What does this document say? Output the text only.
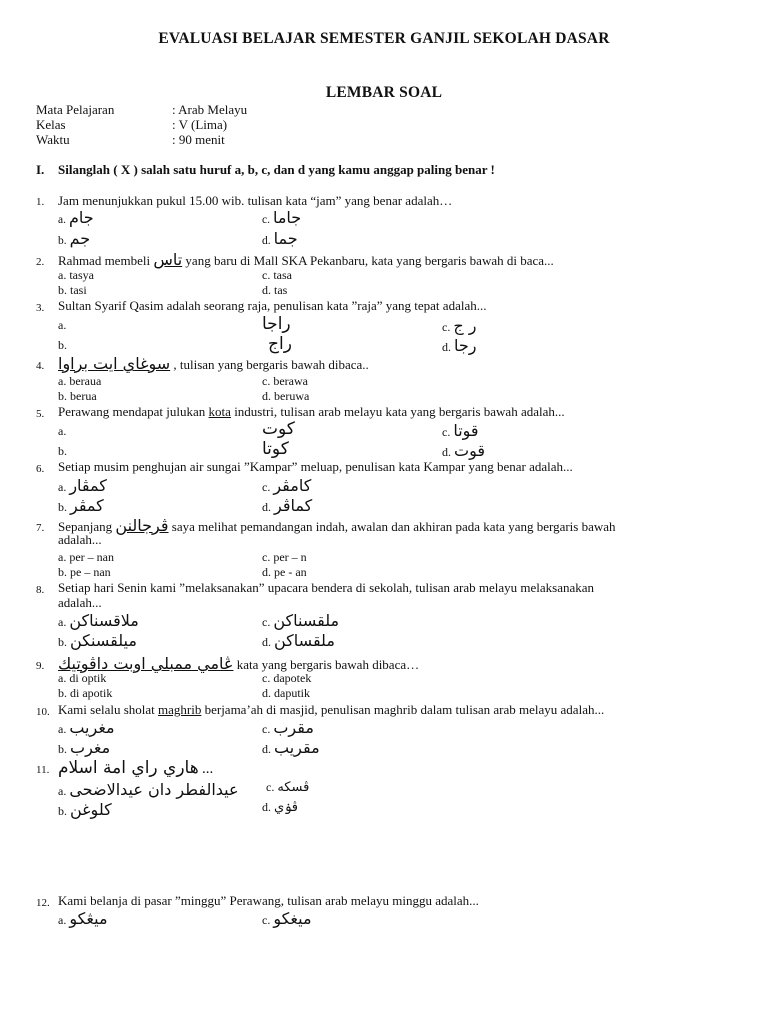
EVALUASI BELAJAR SEMESTER GANJIL SEKOLAH DASAR
LEMBAR SOAL
Mata Pelajaran	: Arab Melayu
Kelas	: V (Lima)
Waktu	: 90 menit
I. Silanglah ( X ) salah satu huruf a, b, c, dan d yang kamu anggap paling benar !
1. Jam menunjukkan pukul 15.00 wib. tulisan kata “jam” yang benar adalah…
a. جام	c. جاما
b. جم	d. جما
2. Rahmad membeli تاس yang baru di Mall SKA Pekanbaru, kata yang bergaris bawah di baca...
a. tasya	c. tasa
b. tasi	d. tas
3. Sultan Syarif Qasim adalah seorang raja, penulisan kata ”raja” yang tepat adalah...
a.	راجا	c. ر ج
b.	راج	d. رجا
4. سوغاي ايت براوا , tulisan yang bergaris bawah dibaca..
a. beraua	c. berawa
b. berua	d. beruwa
5. Perawang mendapat julukan kota industri, tulisan arab melayu kata yang bergaris bawah adalah...
a.	كوت	c. قوتا
b.	كوتا	d. قوت
6. Setiap musim penghujan air sungai ”Kampar” meluap, penulisan kata Kampar yang benar adalah...
a. كمڤار	c. كامڤر
b. كمڤر	d. كماڤر
7. Sepanjang ڤرجالنن saya melihat pemandangan indah, awalan dan akhiran pada kata yang bergaris bawah
adalah...
a. per – nan	c. per – n
b. pe – nan	d. pe - an
8. Setiap hari Senin kami ”melaksanakan” upacara bendera di sekolah, tulisan arab melayu melaksanakan
adalah...
a. ملاقسناكن	c. ملقسناكن
b. ميلقسنكن	d. ملقساكن
9. ڠامي ممبلي اوبت داڤوتيك kata yang bergaris bawah dibaca…
a. di optik	c. dapotek
b. di apotik	d. daputik
10. Kami selalu sholat maghrib berjama’ah di masjid, penulisan maghrib dalam tulisan arab melayu adalah...
a. مغريب	c. مقرب
b. مغرب	d. مقريب
11. هاري راي امة اسلام ...
a. عيدالفطر دان عيدالاضحى c. ڤسكه
b. كلوغن	d. ڤۏي
12. Kami belanja di pasar ”minggu” Perawang, tulisan arab melayu minggu adalah...
a. ميڠكو	c. ميغكو
